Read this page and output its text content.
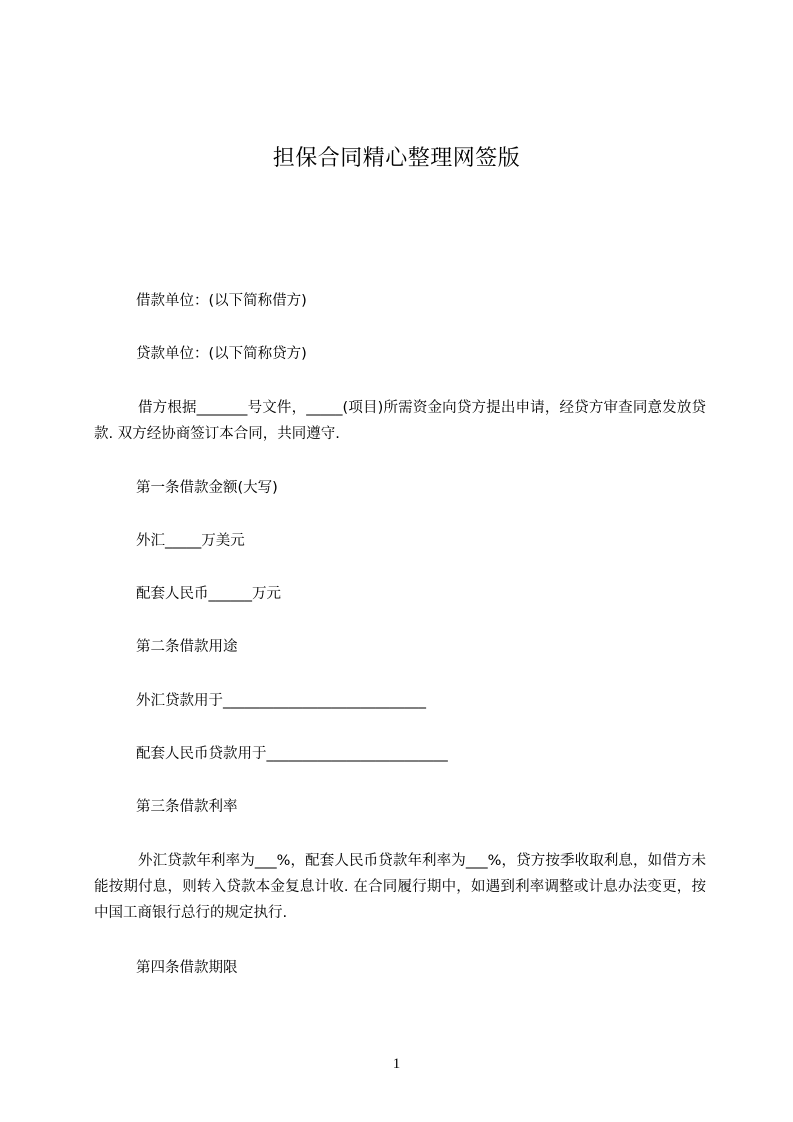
担保合同精心整理网签版
借款单位：(以下简称借方)
贷款单位：(以下简称贷方)
借方根据_______号文件，_____(项目)所需资金向贷方提出申请，经贷方审查同意发放贷款. 双方经协商签订本合同，共同遵守.
第一条借款金额(大写)
外汇_____万美元
配套人民币______万元
第二条借款用途
外汇贷款用于____________________________
配套人民币贷款用于_________________________
第三条借款利率
外汇贷款年利率为___%，配套人民币贷款年利率为___%，贷方按季收取利息，如借方未能按期付息，则转入贷款本金复息计收. 在合同履行期中，如遇到利率调整或计息办法变更，按中国工商银行总行的规定执行.
第四条借款期限
1
